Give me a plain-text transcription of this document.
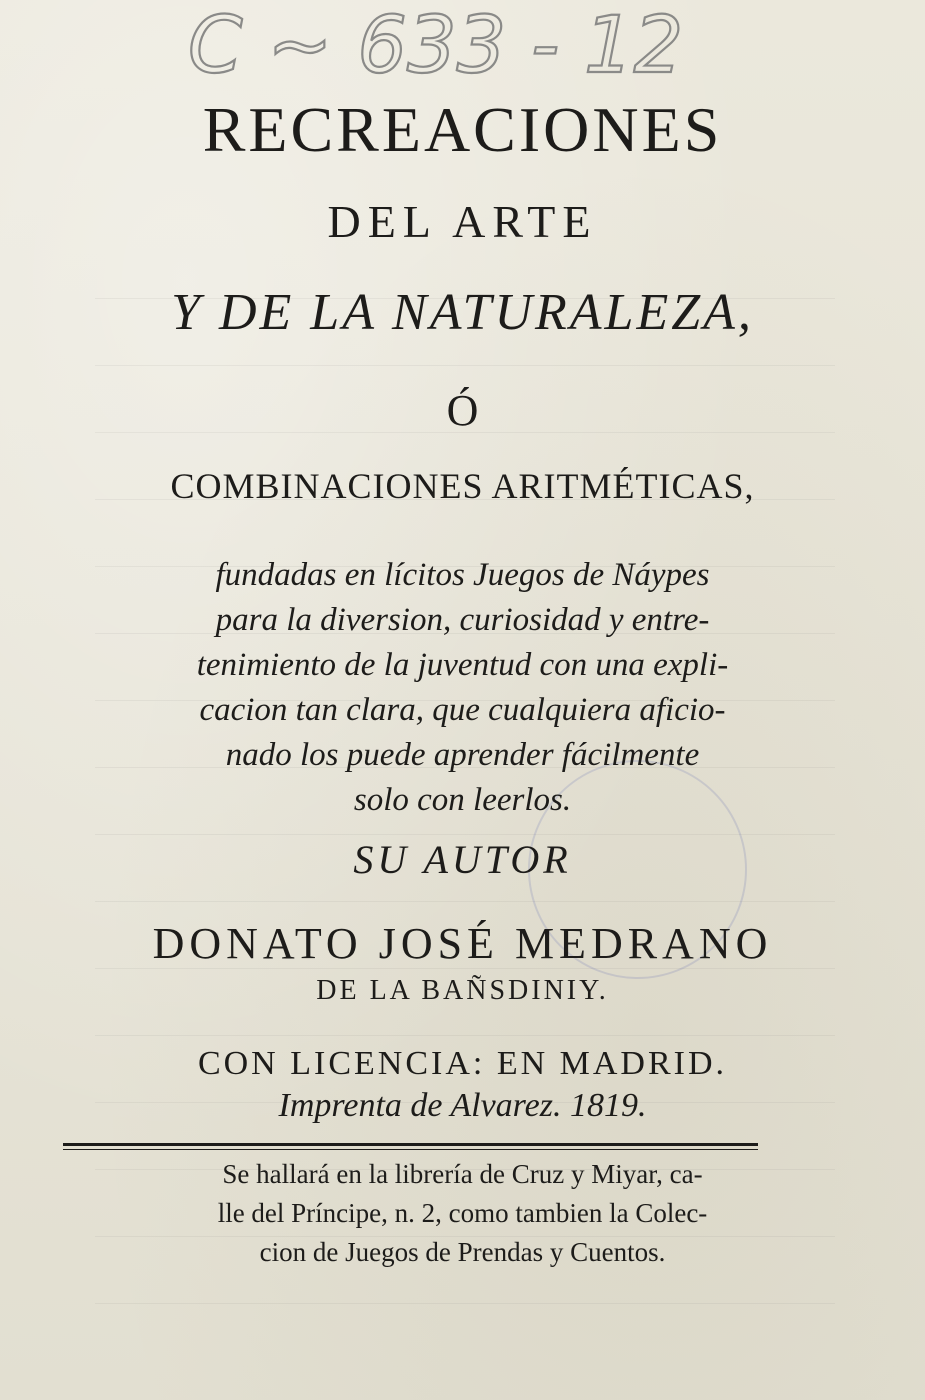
C ~ 633 - 12
RECREACIONES
DEL ARTE
Y DE LA NATURALEZA,
Ó
COMBINACIONES ARITMÉTICAS,
fundadas en lícitos Juegos de Náypes
para la diversion, curiosidad y entre-
tenimiento de la juventud con una expli-
cacion tan clara, que cualquiera aficio-
nado los puede aprender fácilmente
solo con leerlos.
SU AUTOR
DONATO JOSÉ MEDRANO
DE LA BAÑSDINIY.
CON LICENCIA: EN MADRID.
Imprenta de Alvarez. 1819.
Se hallará en la librería de Cruz y Miyar, ca-
lle del Príncipe, n. 2, como tambien la Colec-
cion de Juegos de Prendas y Cuentos.
